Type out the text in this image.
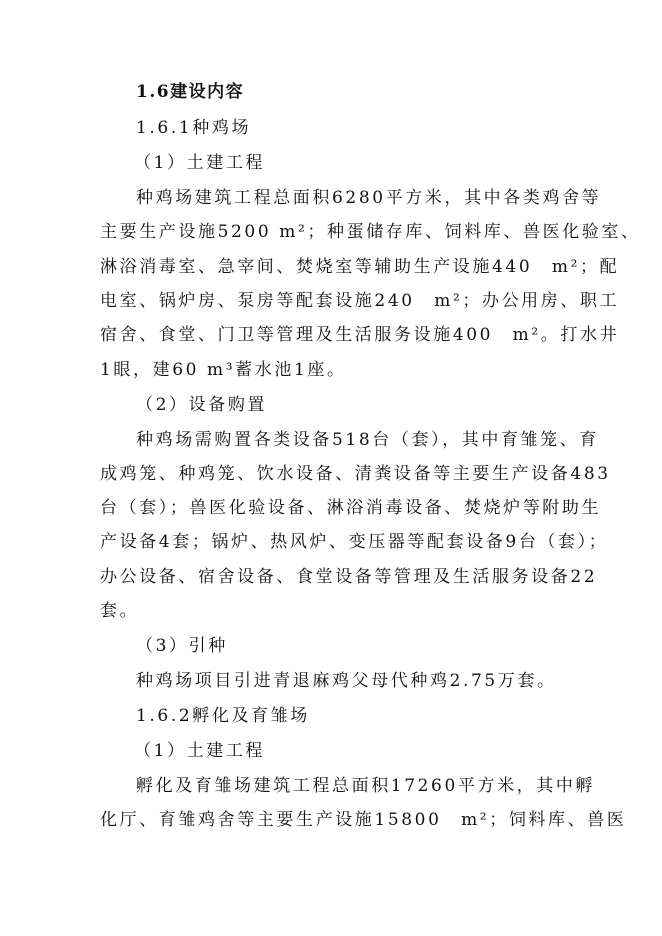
1.6建设内容
1.6.1种鸡场
（1）土建工程
种鸡场建筑工程总面积6280平方米，其中各类鸡舍等
主要生产设施5200 m²；种蛋储存库、饲料库、兽医化验室、
淋浴消毒室、急宰间、焚烧室等辅助生产设施440　m²；配
电室、锅炉房、泵房等配套设施240　m²；办公用房、职工
宿舍、食堂、门卫等管理及生活服务设施400　m²。打水井
1眼，建60 m³蓄水池1座。
（2）设备购置
种鸡场需购置各类设备518台（套），其中育雏笼、育
成鸡笼、种鸡笼、饮水设备、清粪设备等主要生产设备483
台（套）；兽医化验设备、淋浴消毒设备、焚烧炉等附助生
产设备4套；锅炉、热风炉、变压器等配套设备9台（套）；
办公设备、宿舍设备、食堂设备等管理及生活服务设备22
套。
（3）引种
种鸡场项目引进青退麻鸡父母代种鸡2.75万套。
1.6.2孵化及育雏场
（1）土建工程
孵化及育雏场建筑工程总面积17260平方米，其中孵
化厅、育雏鸡舍等主要生产设施15800　m²；饲料库、兽医
